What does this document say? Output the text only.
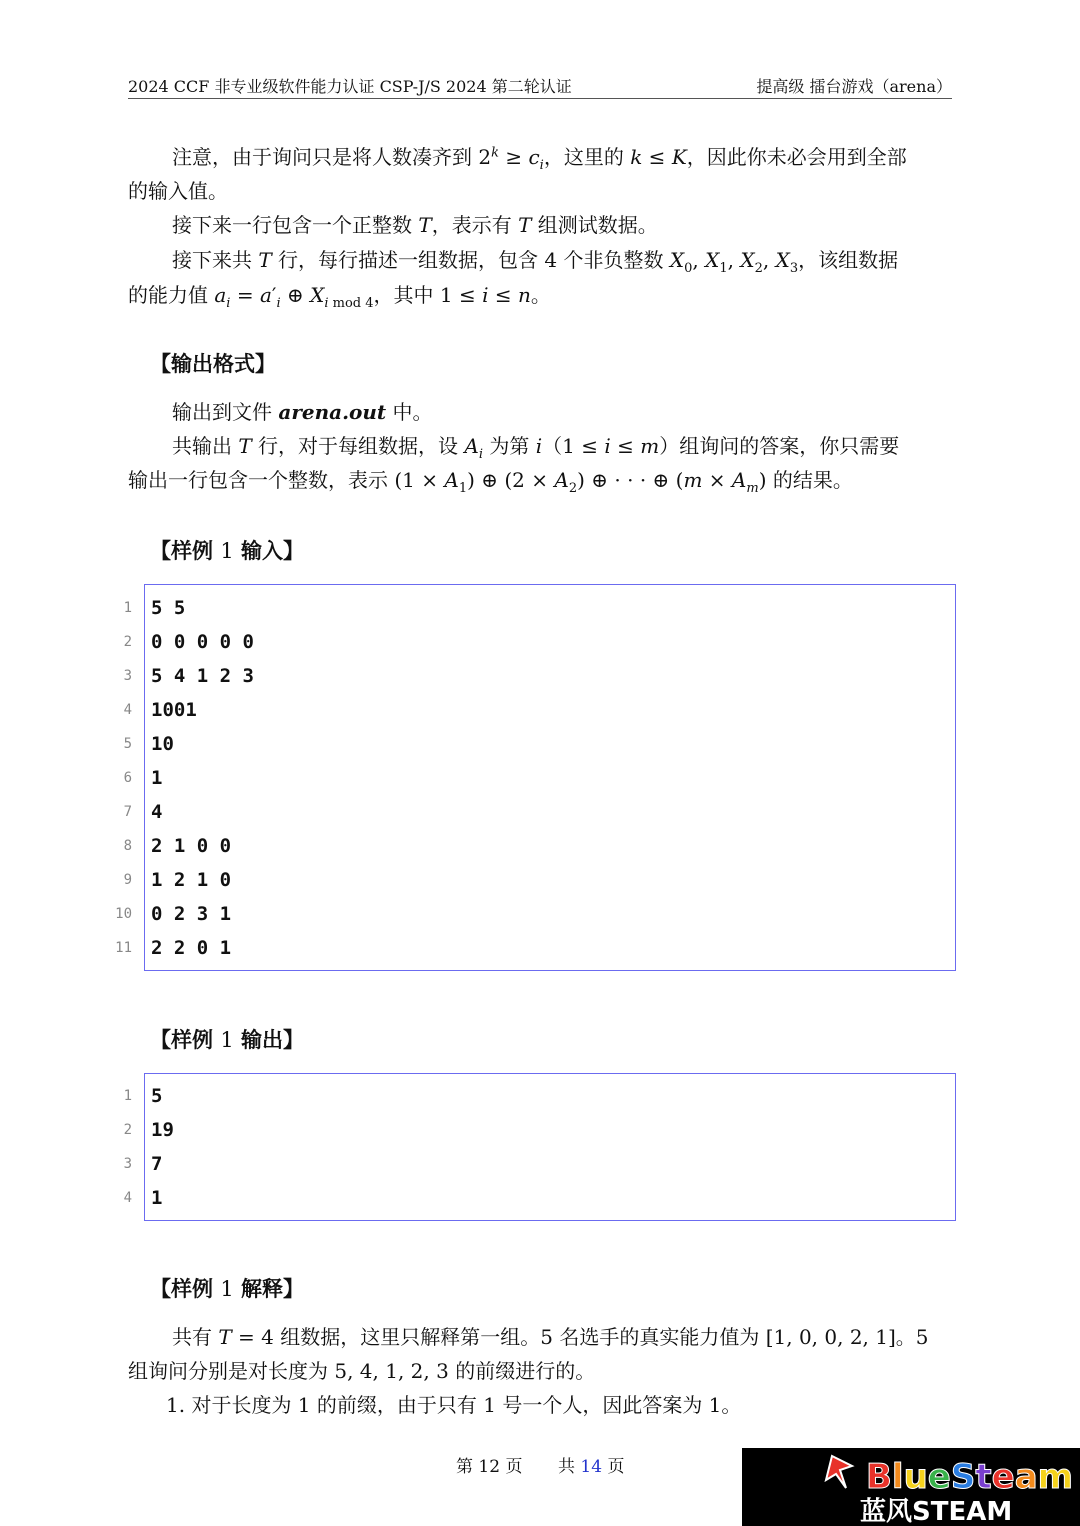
2024 CCF 非专业级软件能力认证 CSP-J/S 2024 第二轮认证	提高级 擂台游戏（arena）
注意，由于询问只是将人数凑齐到 $2^k \ge c_i$，这里的 k ≤ K，因此你未必会用到全部
的输入值。
接下来一行包含一个正整数 T，表示有 T 组测试数据。
接下来共 T 行，每行描述一组数据，包含 4 个非负整数 $X_0$, $X_1$, $X_2$, $X_3$，该组数据
的能力值 $a_i = a'_i$ ⊕ $X_{i mod 4}$，其中 1 ≤ i ≤ n。
【输出格式】
输出到文件 arena.out 中。
共输出 T 行，对于每组数据，设 $A_i$ 为第 i（1 ≤ i ≤ m）组询问的答案，你只需要
输出一行包含一个整数，表示 $(1 \times A_1)$ ⊕ $(2 \times A_2)$ ⊕ · · · ⊕ $(m \times A_m)$ 的结果。
【样例 1 输入】
5 5
0 0 0 0 0
5 4 1 2 3
1001
10
1
4
2 1 0 0
1 2 1 0
0 2 3 1
2 2 0 1
1
2
3
4
5
6
7
8
9
10
11
【样例 1 输出】
5
19
7
1
1
2
3
4
【样例 1 解释】
共有 T = 4 组数据，这里只解释第一组。5 名选手的真实能力值为 [1, 0, 0, 2, 1]。5
组询问分别是对长度为 5, 4, 1, 2, 3 的前缀进行的。
1. 对于长度为 1 的前缀，由于只有 1 号一个人，因此答案为 1。
第 12 页 共 14 页	BlueSteam
蓝风STEAM
